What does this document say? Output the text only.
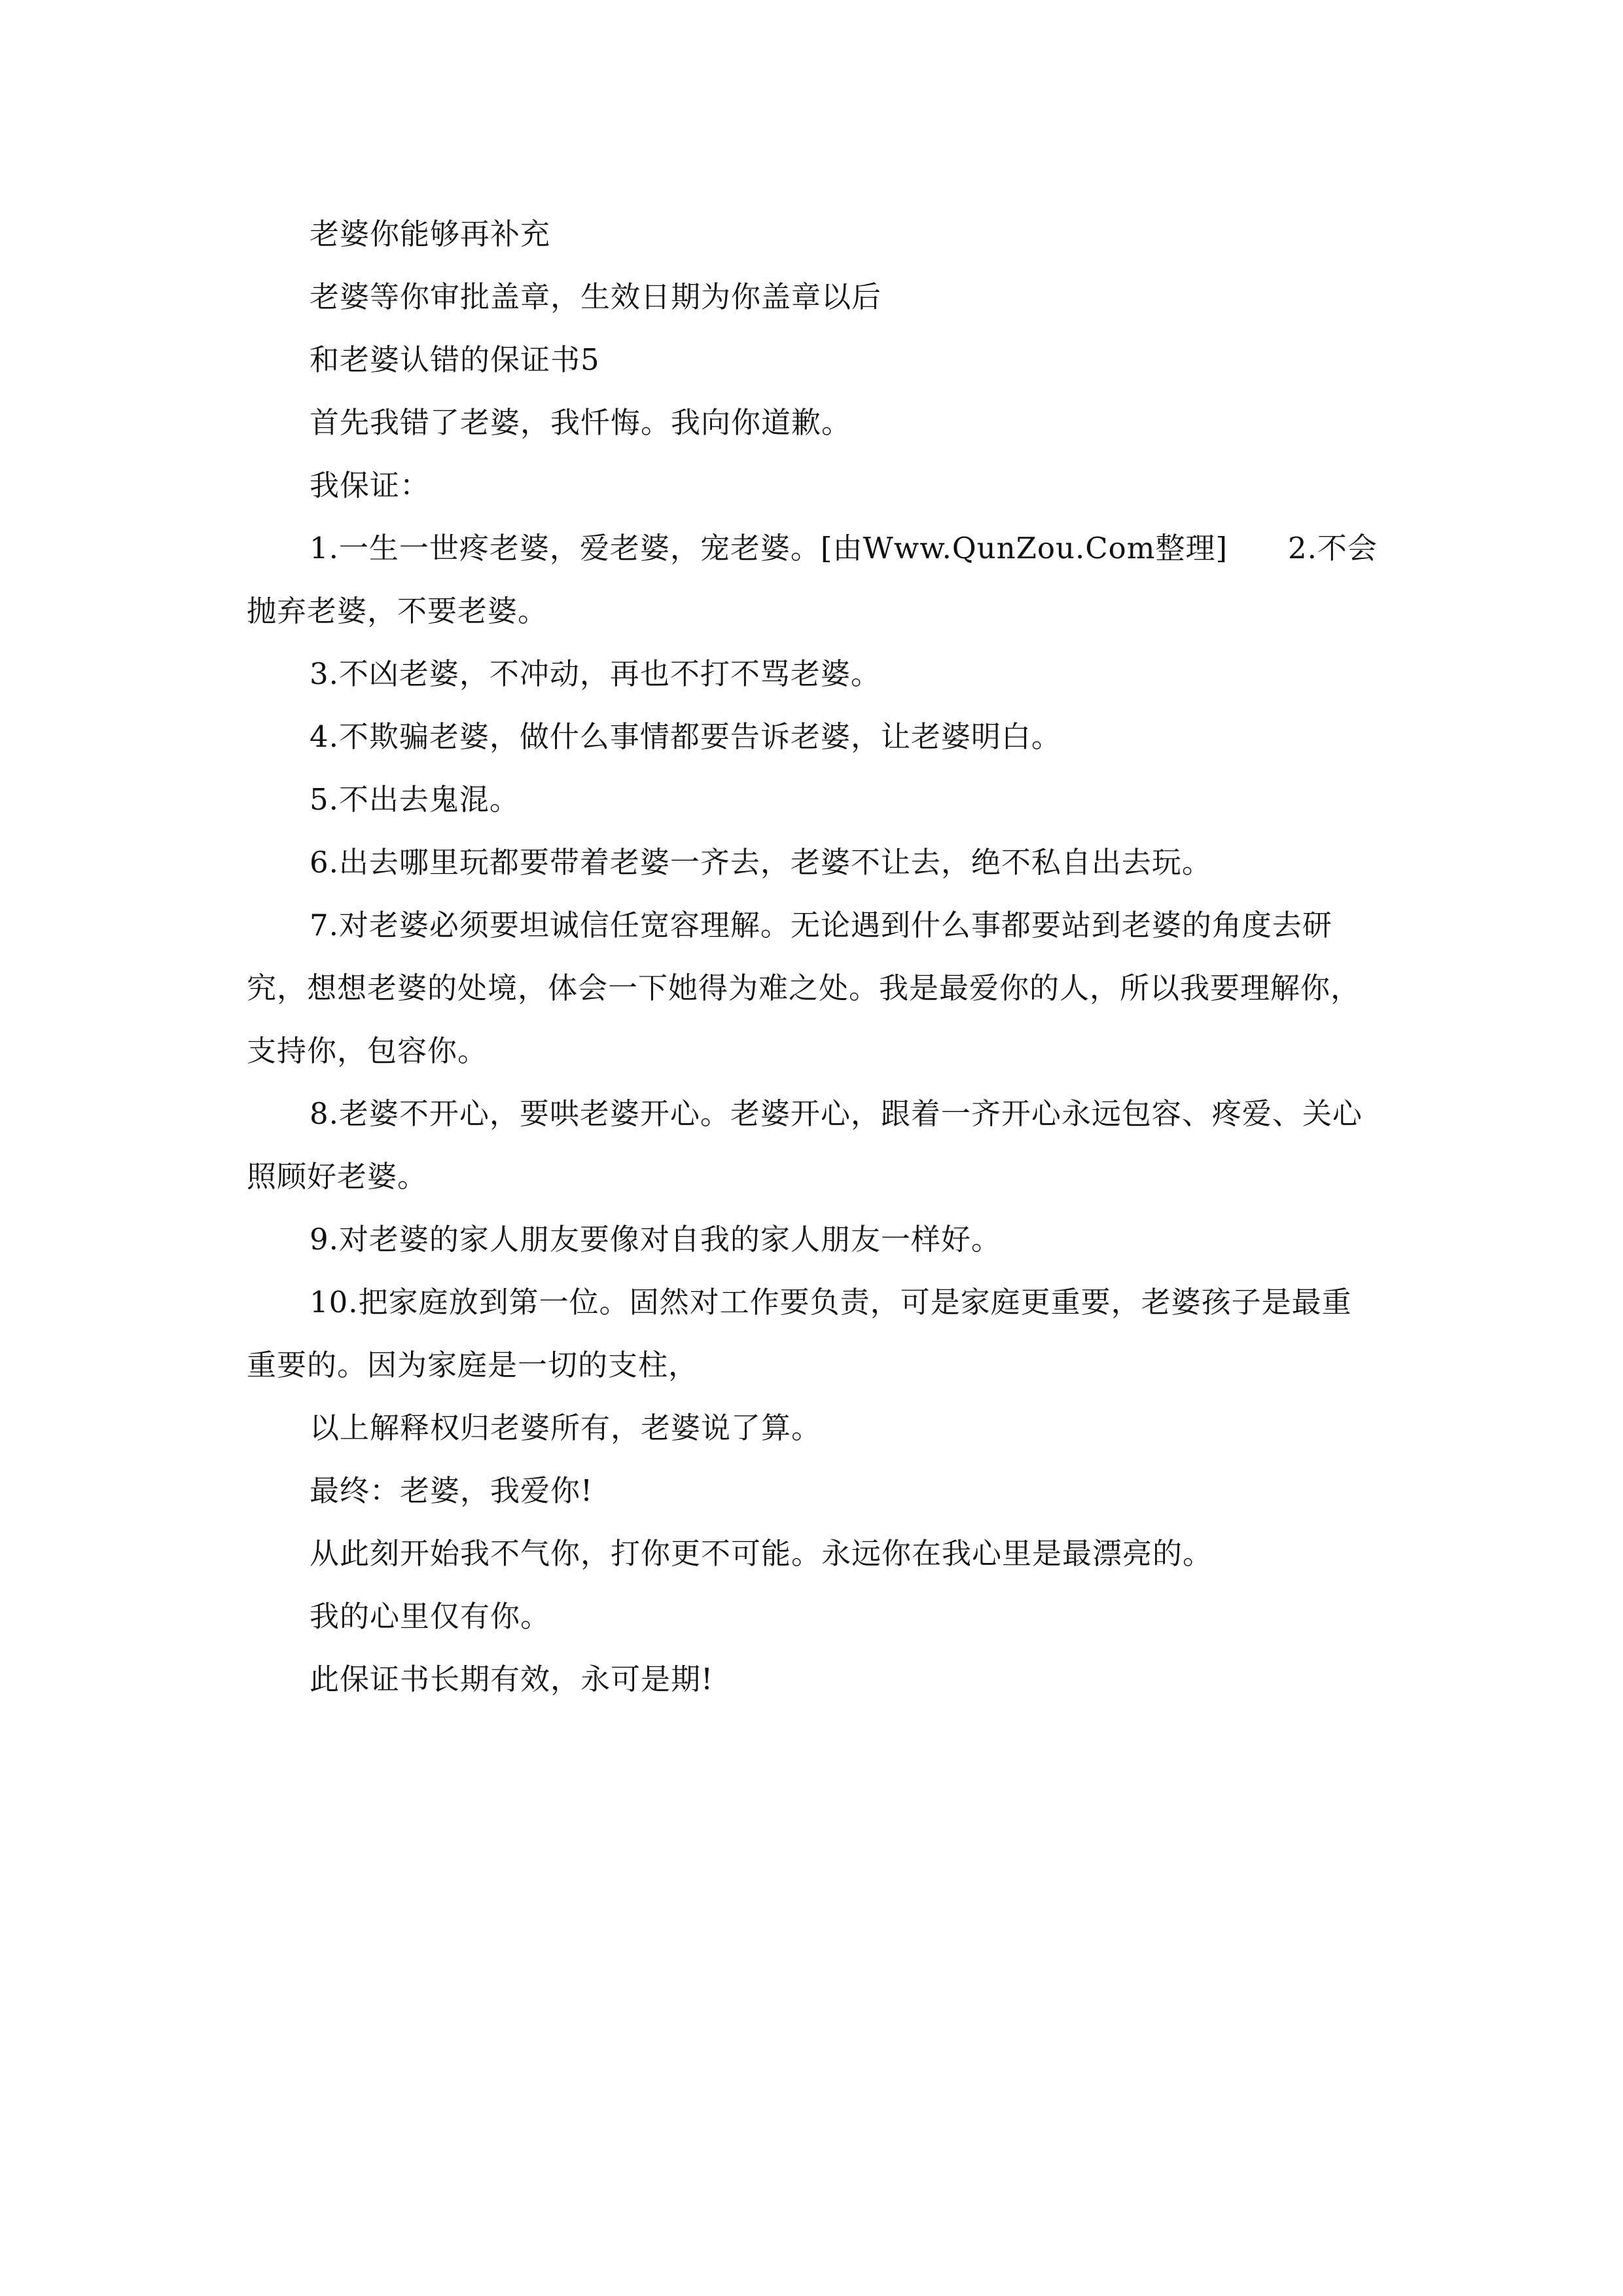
老婆你能够再补充

老婆等你审批盖章，生效日期为你盖章以后

和老婆认错的保证书5

首先我错了老婆，我忏悔。我向你道歉。

我保证：

1.一生一世疼老婆，爱老婆，宠老婆。[由Www.QunZou.Com整理]　　2.不会抛弃老婆，不要老婆。

3.不凶老婆，不冲动，再也不打不骂老婆。

4.不欺骗老婆，做什么事情都要告诉老婆，让老婆明白。

5.不出去鬼混。

6.出去哪里玩都要带着老婆一齐去，老婆不让去，绝不私自出去玩。

7.对老婆必须要坦诚信任宽容理解。无论遇到什么事都要站到老婆的角度去研究，想想老婆的处境，体会一下她得为难之处。我是最爱你的人，所以我要理解你，支持你，包容你。

8.老婆不开心，要哄老婆开心。老婆开心，跟着一齐开心永远包容、疼爱、关心照顾好老婆。

9.对老婆的家人朋友要像对自我的家人朋友一样好。

10.把家庭放到第一位。固然对工作要负责，可是家庭更重要，老婆孩子是最重重要的。因为家庭是一切的支柱，

以上解释权归老婆所有，老婆说了算。

最终：老婆，我爱你!

从此刻开始我不气你，打你更不可能。永远你在我心里是最漂亮的。

我的心里仅有你。

此保证书长期有效，永可是期!
